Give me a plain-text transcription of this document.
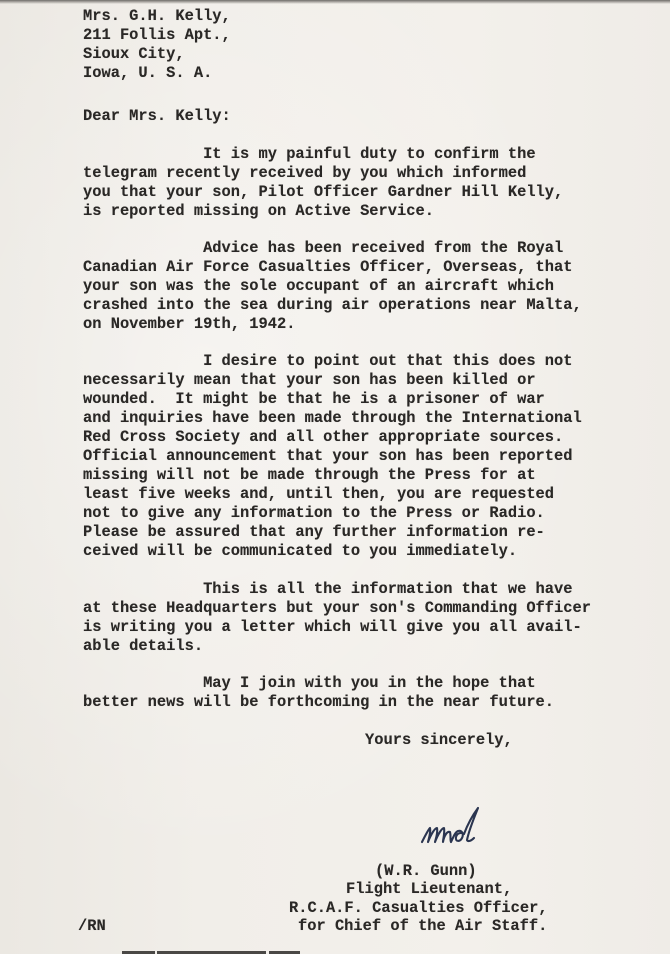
Mrs. G.H. Kelly,
211 Follis Apt.,
Sioux City,
Iowa, U. S. A.
Dear Mrs. Kelly:
It is my painful duty to confirm the
telegram recently received by you which informed
you that your son, Pilot Officer Gardner Hill Kelly,
is reported missing on Active Service.
Advice has been received from the Royal
Canadian Air Force Casualties Officer, Overseas, that
your son was the sole occupant of an aircraft which
crashed into the sea during air operations near Malta,
on November 19th, 1942.
I desire to point out that this does not
necessarily mean that your son has been killed or
wounded.  It might be that he is a prisoner of war
and inquiries have been made through the International
Red Cross Society and all other appropriate sources.
Official announcement that your son has been reported
missing will not be made through the Press for at
least five weeks and, until then, you are requested
not to give any information to the Press or Radio.
Please be assured that any further information re-
ceived will be communicated to you immediately.
This is all the information that we have
at these Headquarters but your son's Commanding Officer
is writing you a letter which will give you all avail-
able details.
May I join with you in the hope that
better news will be forthcoming in the near future.
Yours sincerely,
(W.R. Gunn)
Flight Lieutenant,
R.C.A.F. Casualties Officer,
for Chief of the Air Staff.
/RN
